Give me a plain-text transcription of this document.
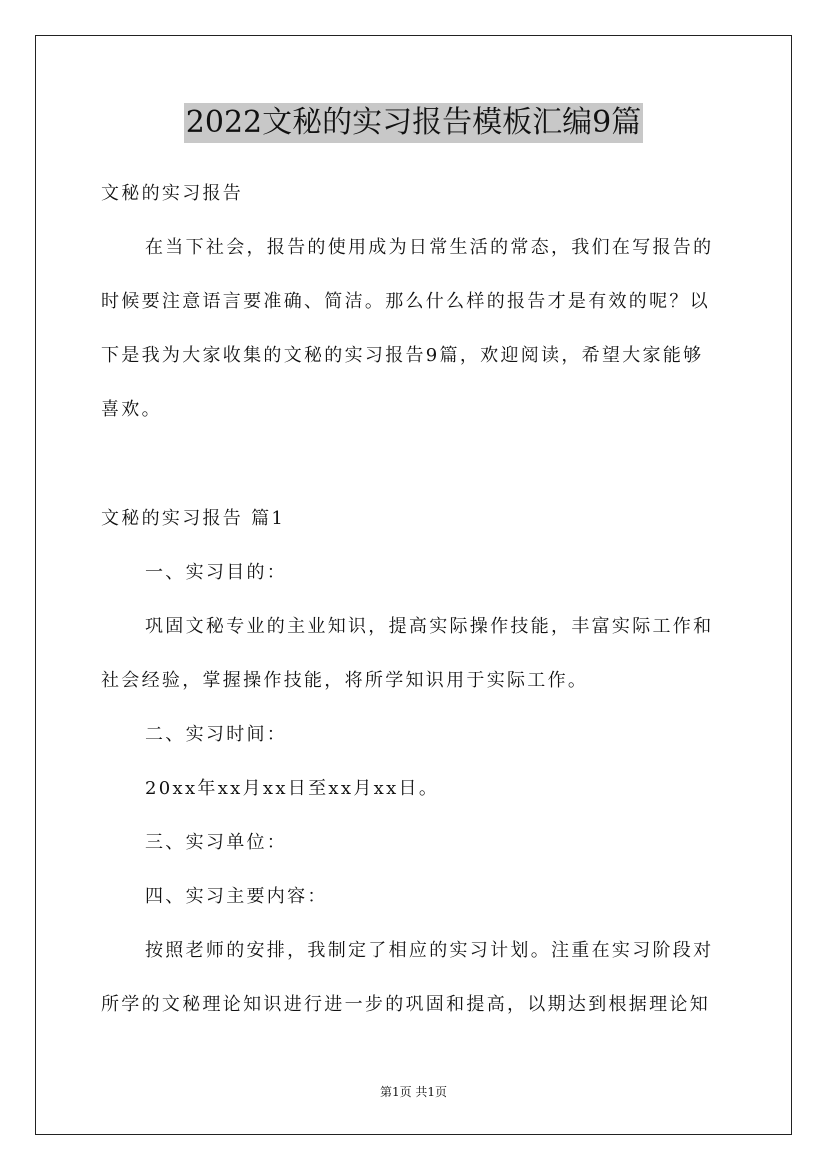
2022文秘的实习报告模板汇编9篇
文秘的实习报告
在当下社会，报告的使用成为日常生活的常态，我们在写报告的
时候要注意语言要准确、简洁。那么什么样的报告才是有效的呢？以
下是我为大家收集的文秘的实习报告9篇，欢迎阅读，希望大家能够
喜欢。
文秘的实习报告 篇1
一、实习目的：
巩固文秘专业的主业知识，提高实际操作技能，丰富实际工作和
社会经验，掌握操作技能，将所学知识用于实际工作。
二、实习时间：
20xx年xx月xx日至xx月xx日。
三、实习单位：
四、实习主要内容：
按照老师的安排，我制定了相应的实习计划。注重在实习阶段对
所学的文秘理论知识进行进一步的巩固和提高，以期达到根据理论知
第1页 共1页
